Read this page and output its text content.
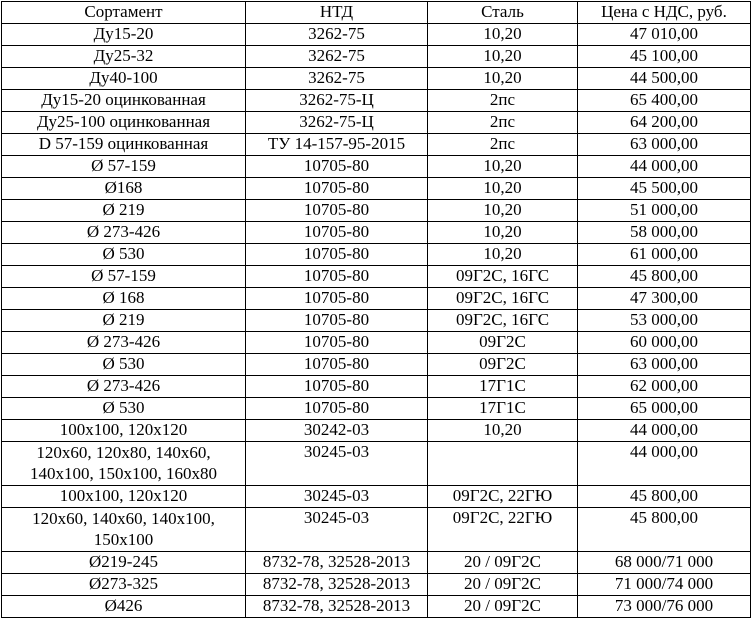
Сортамент	НТД	Сталь	Цена с НДС, руб.
Ду15-20	3262-75	10,20	47 010,00
Ду25-32	3262-75	10,20	45 100,00
Ду40-100	3262-75	10,20	44 500,00
Ду15-20 оцинкованная	3262-75-Ц	2пс	65 400,00
Ду25-100 оцинкованная	3262-75-Ц	2пс	64 200,00
D 57-159 оцинкованная	ТУ 14-157-95-2015	2пс	63 000,00
Ø 57-159	10705-80	10,20	44 000,00
Ø168	10705-80	10,20	45 500,00
Ø 219	10705-80	10,20	51 000,00
Ø 273-426	10705-80	10,20	58 000,00
Ø 530	10705-80	10,20	61 000,00
Ø 57-159	10705-80	09Г2С, 16ГС	45 800,00
Ø 168	10705-80	09Г2С, 16ГС	47 300,00
Ø 219	10705-80	09Г2С, 16ГС	53 000,00
Ø 273-426	10705-80	09Г2С	60 000,00
Ø 530	10705-80	09Г2С	63 000,00
Ø 273-426	10705-80	17Г1С	62 000,00
Ø 530	10705-80	17Г1С	65 000,00
100x100, 120x120	30242-03	10,20	44 000,00
120x60, 120x80, 140x60, 140x100, 150x100, 160x80	30245-03		44 000,00
100x100, 120x120	30245-03	09Г2С, 22ГЮ	45 800,00
120x60, 140x60, 140x100, 150x100	30245-03	09Г2С, 22ГЮ	45 800,00
Ø219-245	8732-78, 32528-2013	20 / 09Г2С	68 000/71 000
Ø273-325	8732-78, 32528-2013	20 / 09Г2С	71 000/74 000
Ø426	8732-78, 32528-2013	20 / 09Г2С	73 000/76 000
